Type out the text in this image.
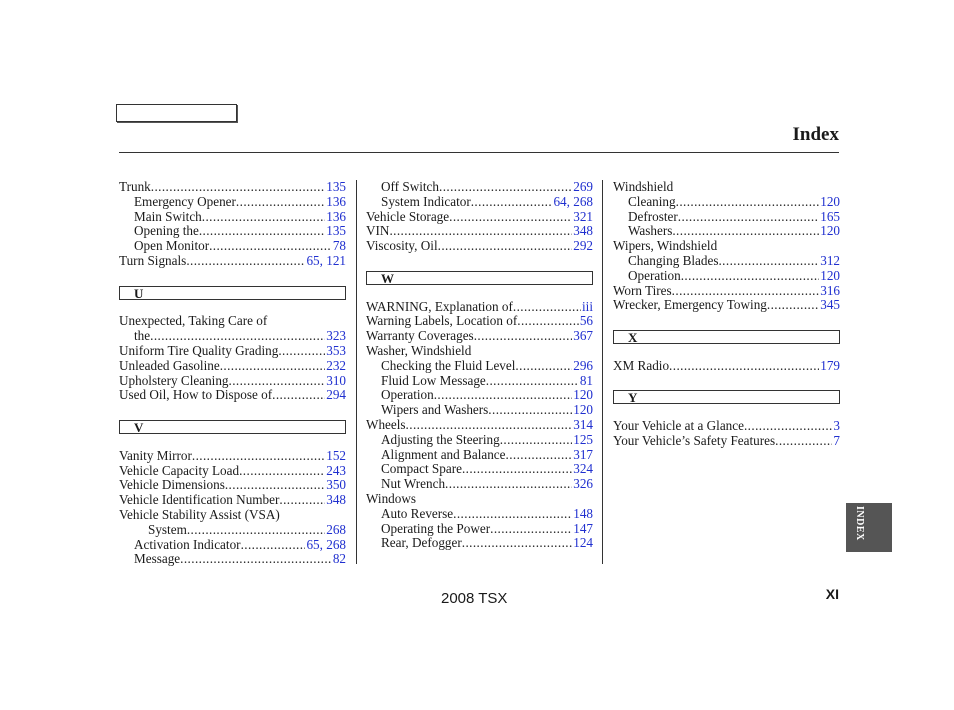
Index
Trunk .....	135
Emergency Opener .....	136
Main Switch .....	136
Opening the .....	135
Open Monitor .....	78
Turn Signals .....	65, 121
U
Unexpected, Taking Care of
the .....	323
Uniform Tire Quality Grading .....	353
Unleaded Gasoline .....	232
Upholstery Cleaning .....	310
Used Oil, How to Dispose of .....	294
V
Vanity Mirror .....	152
Vehicle Capacity Load .....	243
Vehicle Dimensions .....	350
Vehicle Identification Number .....	348
Vehicle Stability Assist (VSA)
System .....	268
Activation Indicator .....	65, 268
Message .....	82
Off Switch .....	269
System Indicator .....	64, 268
Vehicle Storage .....	321
VIN .....	348
Viscosity, Oil .....	292
W
WARNING, Explanation of .....	iii
Warning Labels, Location of .....	56
Warranty Coverages .....	367
Washer, Windshield
Checking the Fluid Level .....	296
Fluid Low Message .....	81
Operation .....	120
Wipers and Washers .....	120
Wheels .....	314
Adjusting the Steering .....	125
Alignment and Balance .....	317
Compact Spare .....	324
Nut Wrench .....	326
Windows
Auto Reverse .....	148
Operating the Power .....	147
Rear, Defogger .....	124
Windshield
Cleaning .....	120
Defroster .....	165
Washers .....	120
Wipers, Windshield
Changing Blades .....	312
Operation .....	120
Worn Tires .....	316
Wrecker, Emergency Towing .....	345
X
XM Radio .....	179
Y
Your Vehicle at a Glance .....	3
Your Vehicle’s Safety Features .....	7
2008 TSX	XI
INDEX
